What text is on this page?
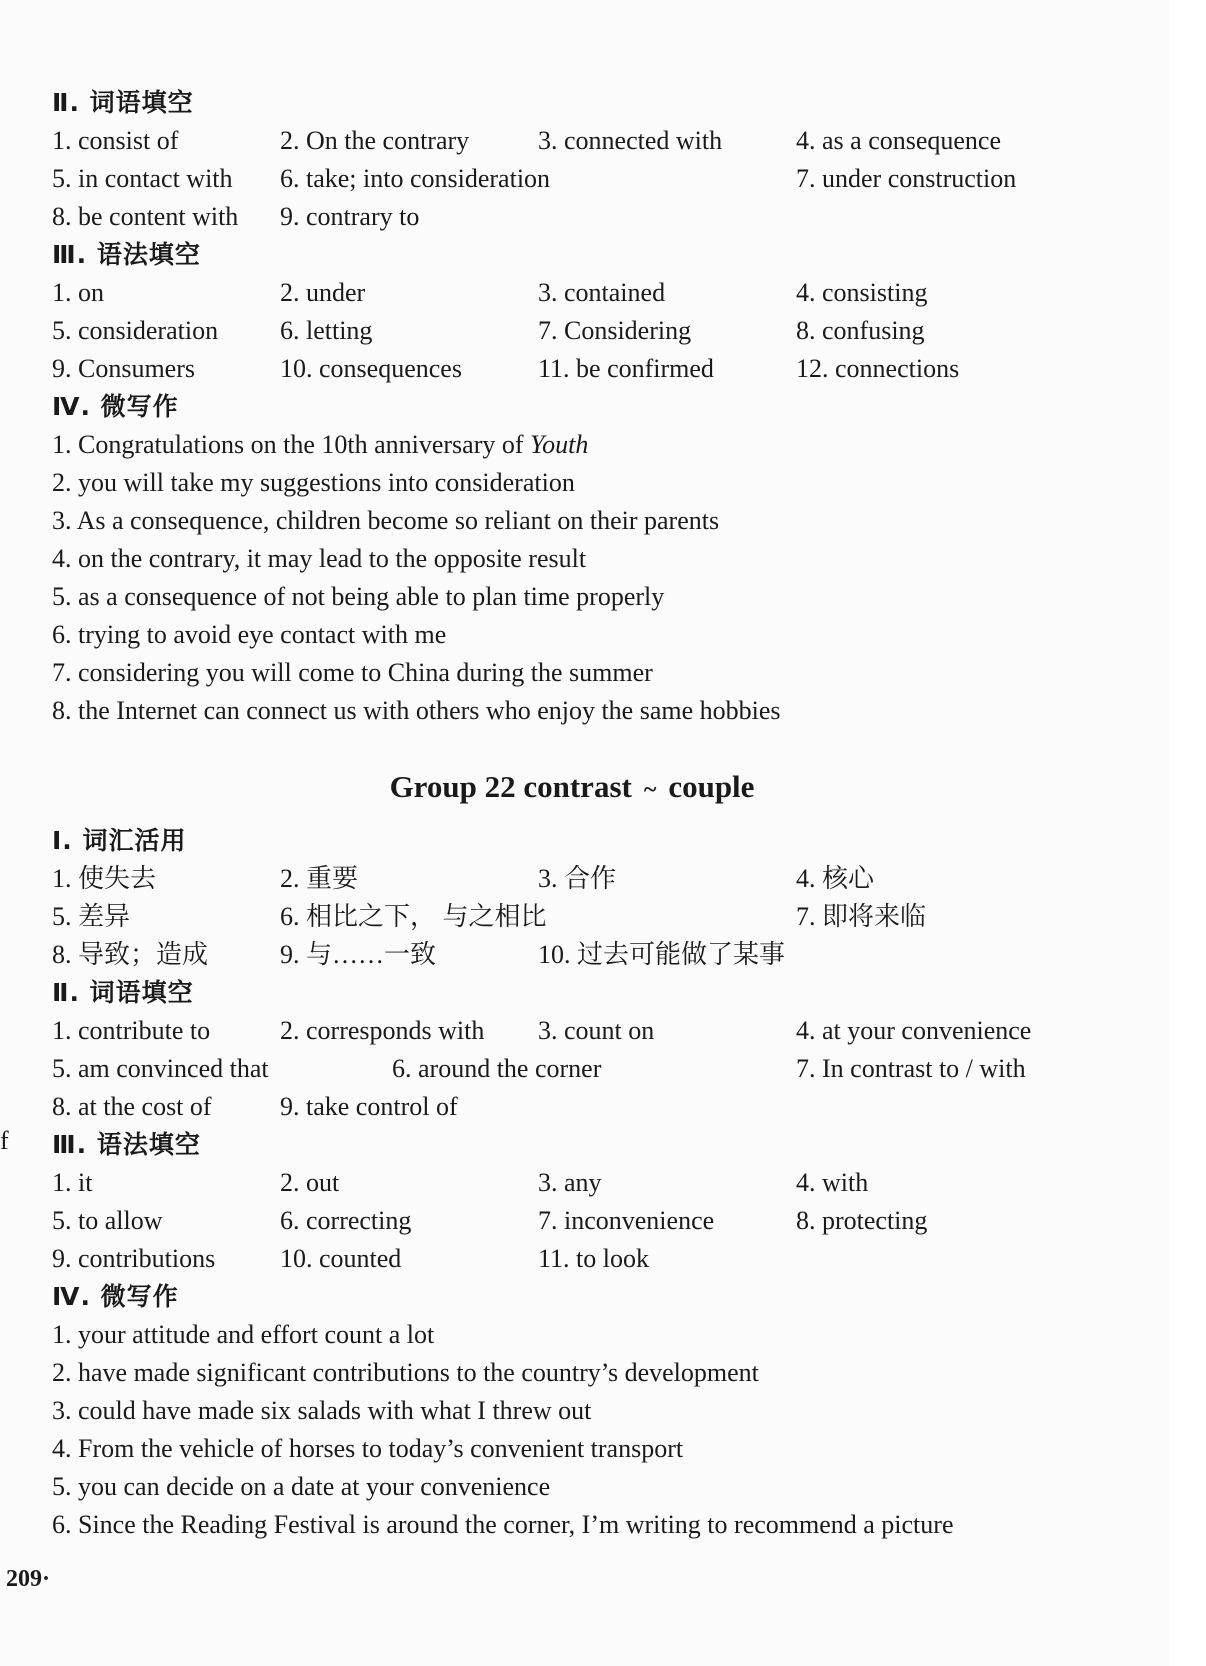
Ⅱ. 词语填空
1. consist of	2. On the contrary	3. connected with	4. as a consequence
5. in contact with 6. take; into consideration	7. under construction
8. be content with 9. contrary to
Ⅲ. 语法填空
1. on	2. under	3. contained	4. consisting
5. consideration 6. letting	7. Considering	8. confusing
9. Consumers	10. consequences	11. be confirmed	12. connections
Ⅳ. 微写作
1. Congratulations on the 10th anniversary of Youth
2. you will take my suggestions into consideration
3. As a consequence, children become so reliant on their parents
4. on the contrary, it may lead to the opposite result
5. as a consequence of not being able to plan time properly
6. trying to avoid eye contact with me
7. considering you will come to China during the summer
8. the Internet can connect us with others who enjoy the same hobbies
Group 22 contrast ~ couple
Ⅰ. 词汇活用
1. 使失去	2. 重要	3. 合作	4. 核心
5. 差异	6. 相比之下， 与之相比	7. 即将来临
8. 导致；造成	9. 与……一致	10. 过去可能做了某事
Ⅱ. 词语填空
1. contribute to	2. corresponds with 3. count on	4. at your convenience
5. am convinced that	6. around the corner	7. In contrast to / with
8. at the cost of	9. take control of
Ⅲ. 语法填空
1. it	2. out	3. any	4. with
5. to allow	6. correcting	7. inconvenience	8. protecting
9. contributions 10. counted	11. to look
Ⅳ. 微写作
1. your attitude and effort count a lot
2. have made significant contributions to the country’s development
3. could have made six salads with what I threw out
4. From the vehicle of horses to today’s convenient transport
5. you can decide on a date at your convenience
6. Since the Reading Festival is around the corner, I’m writing to recommend a picture
f
209·
